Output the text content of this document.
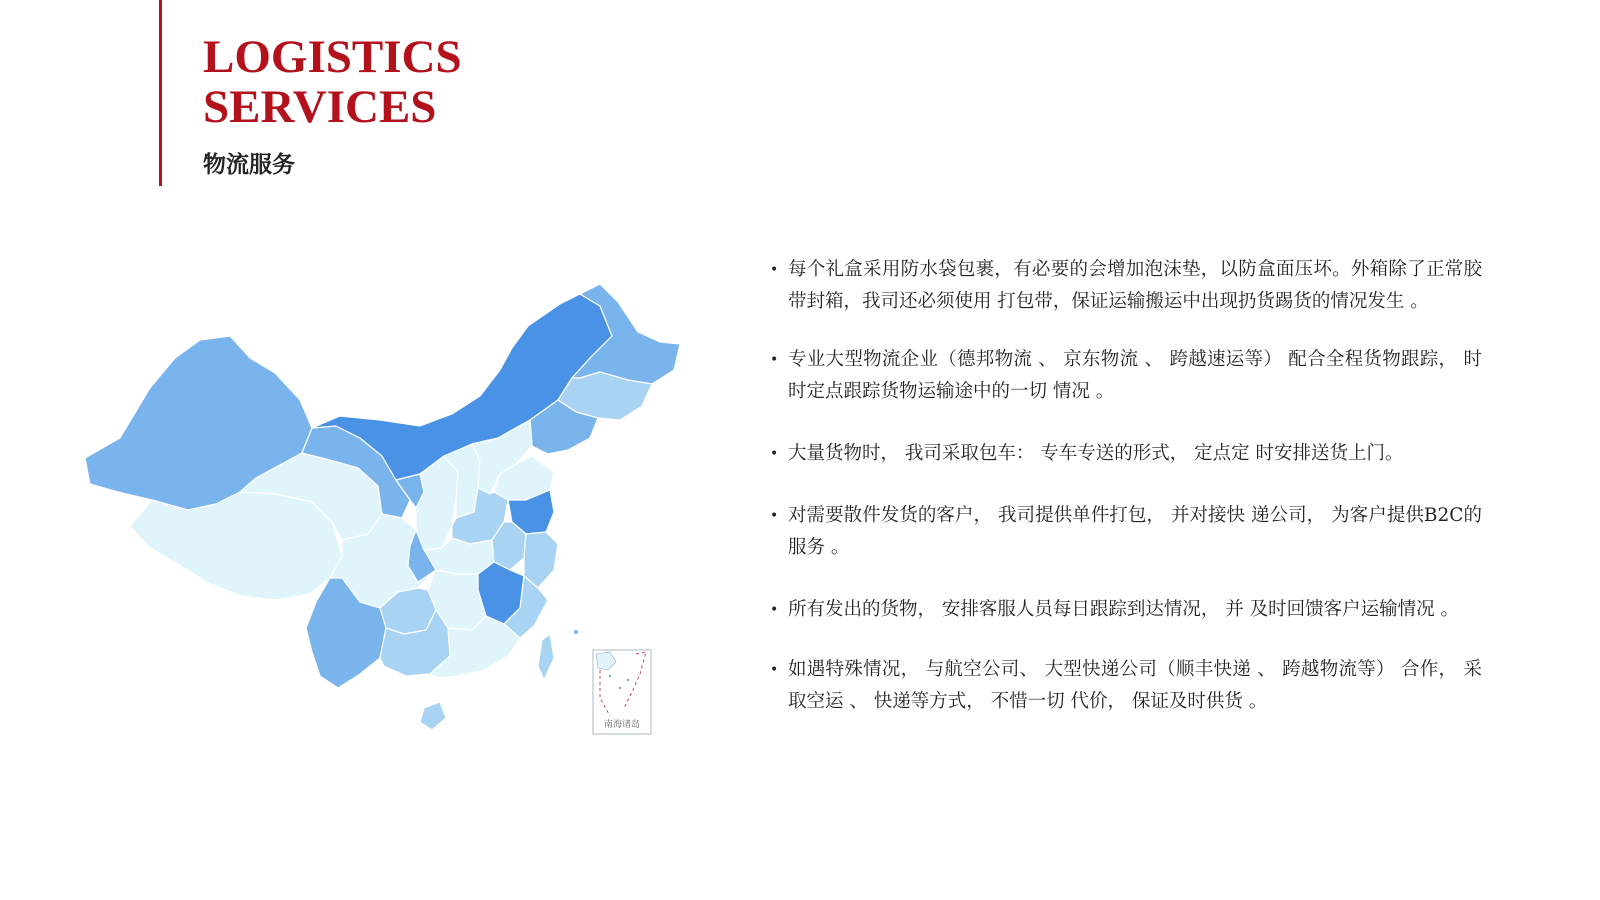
LOGISTICS
SERVICES
物流服务
南海诸岛
• 每个礼盒采用防水袋包裹，有必要的会增加泡沫垫，以防盒面压坏。外箱除了正常胶带封箱，我司还必须使用 打包带，保证运输搬运中出现扔货踢货的情况发生 。
• 专业大型物流企业（德邦物流 、 京东物流 、 跨越速运等） 配合全程货物跟踪， 时时定点跟踪货物运输途中的一切 情况 。
• 大量货物时， 我司采取包车： 专车专送的形式， 定点定 时安排送货上门。
• 对需要散件发货的客户， 我司提供单件打包， 并对接快 递公司， 为客户提供B2C的服务 。
• 所有发出的货物， 安排客服人员每日跟踪到达情况， 并 及时回馈客户运输情况 。
• 如遇特殊情况， 与航空公司、 大型快递公司（顺丰快递 、 跨越物流等） 合作， 采取空运 、 快递等方式， 不惜一切 代价， 保证及时供货 。
